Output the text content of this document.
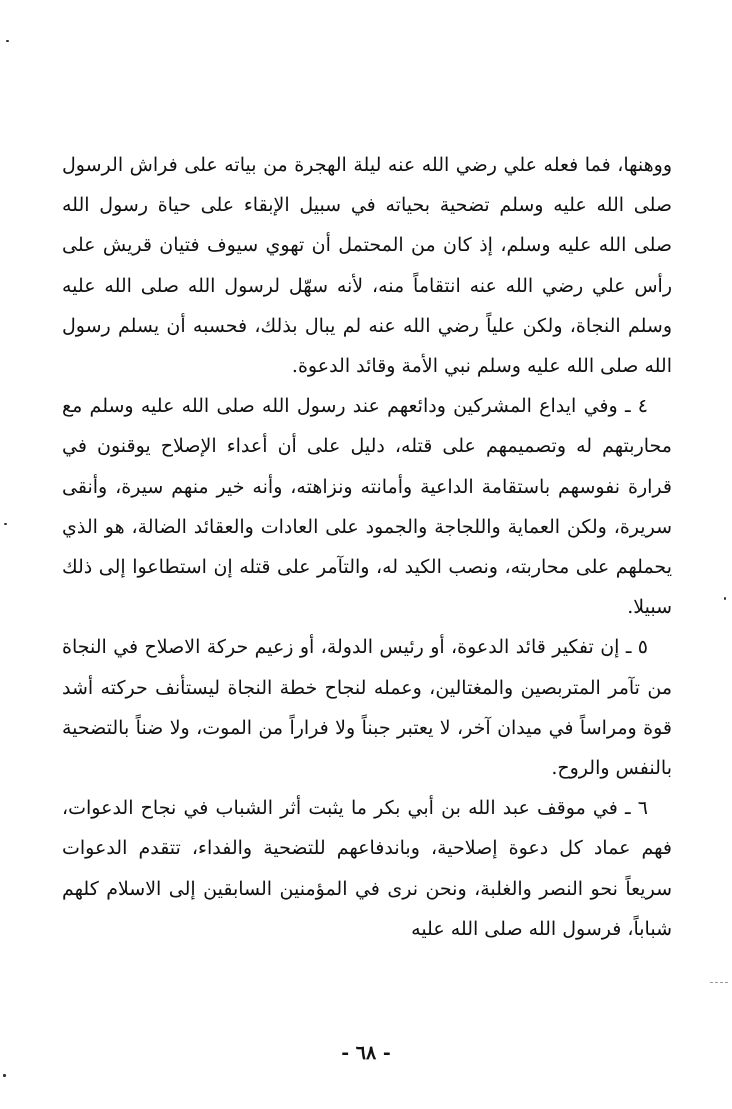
ووهنها، فما فعله علي رضي الله عنه ليلة الهجرة من بياته على فراش الرسول صلى الله عليه وسلم تضحية بحياته في سبيل الإبقاء على حياة رسول الله صلى الله عليه وسلم، إذ كان من المحتمل أن تهوي سيوف فتيان قريش على رأس علي رضي الله عنه انتقاماً منه، لأنه سهّل لرسول الله صلى الله عليه وسلم النجاة، ولكن علياً رضي الله عنه لم يبال بذلك، فحسبه أن يسلم رسول الله صلى الله عليه وسلم نبي الأمة وقائد الدعوة.

٤ ـ وفي ايداع المشركين ودائعهم عند رسول الله صلى الله عليه وسلم مع محاربتهم له وتصميمهم على قتله، دليل على أن أعداء الإصلاح يوقنون في قرارة نفوسهم باستقامة الداعية وأمانته ونزاهته، وأنه خير منهم سيرة، وأنقى سريرة، ولكن العماية واللجاجة والجمود على العادات والعقائد الضالة، هو الذي يحملهم على محاربته، ونصب الكيد له، والتآمر على قتله إن استطاعوا إلى ذلك سبيلا.

٥ ـ إن تفكير قائد الدعوة، أو رئيس الدولة، أو زعيم حركة الاصلاح في النجاة من تآمر المتربصين والمغتالين، وعمله لنجاح خطة النجاة ليستأنف حركته أشد قوة ومراساً في ميدان آخر، لا يعتبر جبناً ولا فراراً من الموت، ولا ضناً بالتضحية بالنفس والروح.

٦ ـ في موقف عبد الله بن أبي بكر ما يثبت أثر الشباب في نجاح الدعوات، فهم عماد كل دعوة إصلاحية، وباندفاعهم للتضحية والفداء، تتقدم الدعوات سريعاً نحو النصر والغلبة، ونحن نرى في المؤمنين السابقين إلى الاسلام كلهم شباباً، فرسول الله صلى الله عليه

- ٦٨ -
